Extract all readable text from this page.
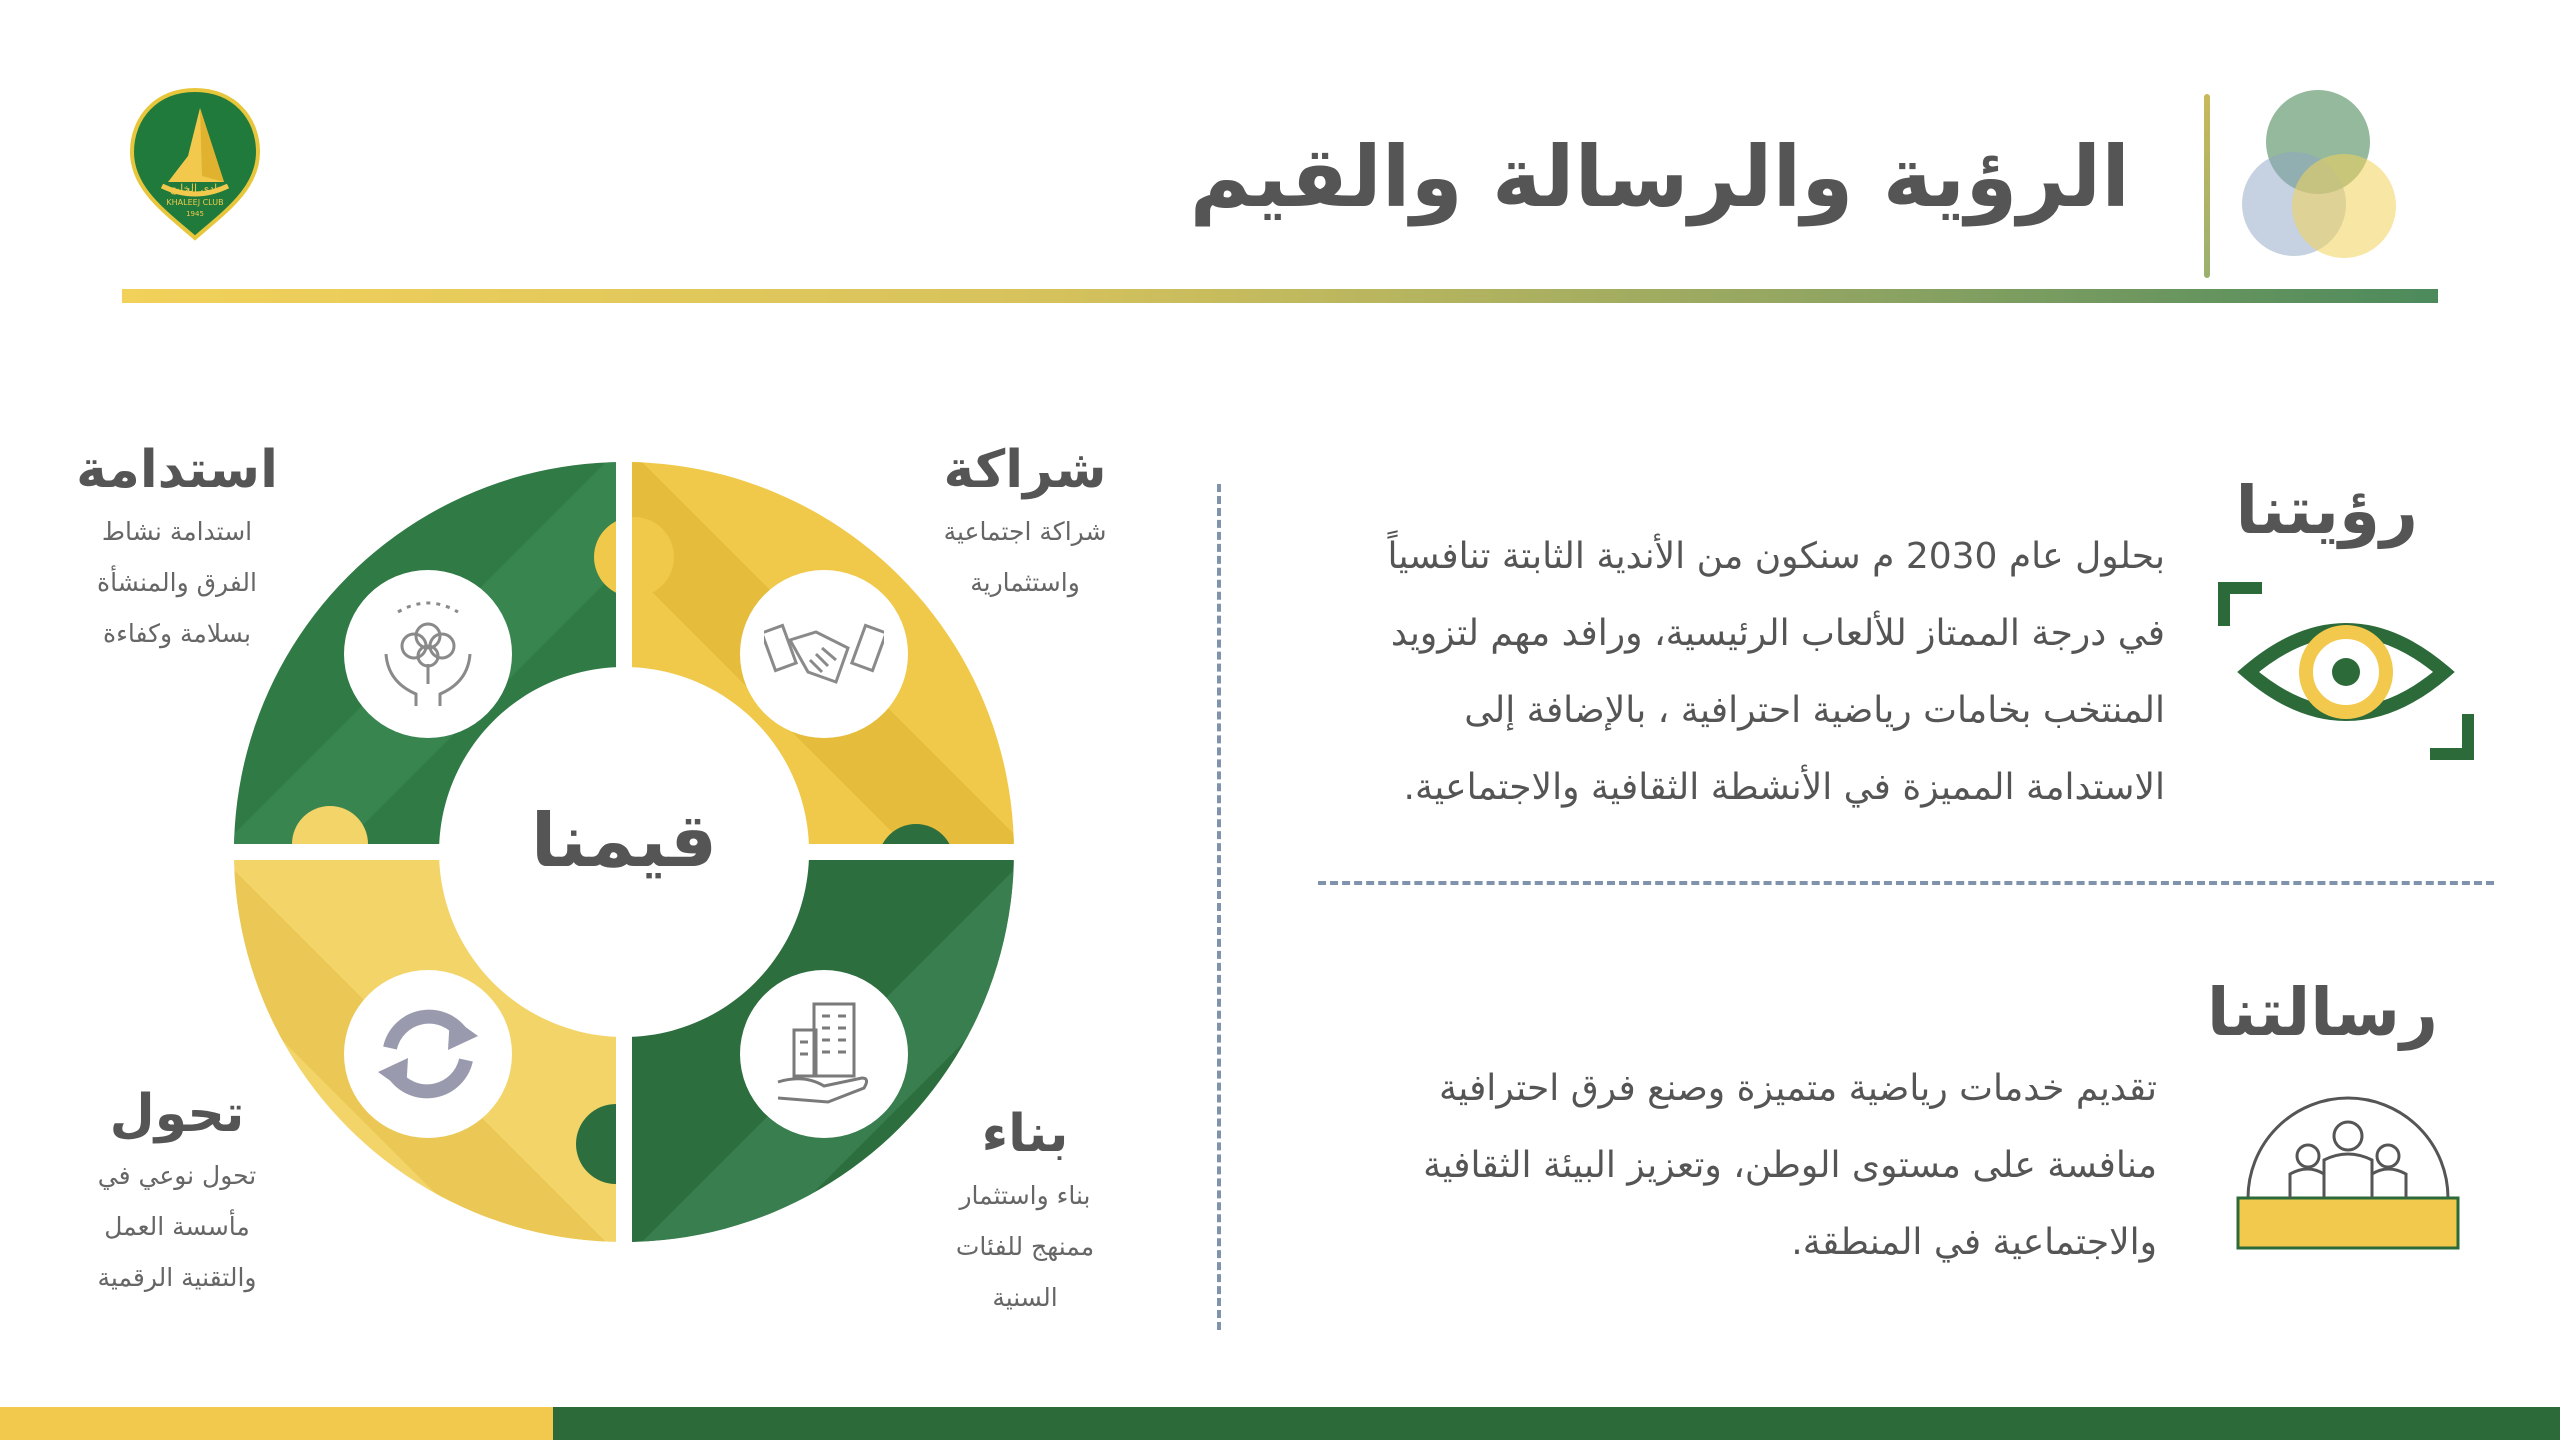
نادي الخليج
KHALEEJ CLUB
1945	الرؤية والرسالة والقيم
رؤيتنا
بحلول عام 2030 م سنكون من الأندية الثابتة تنافسياً
في درجة الممتاز للألعاب الرئيسية، ورافد مهم لتزويد
المنتخب بخامات رياضية احترافية ، بالإضافة إلى
الاستدامة المميزة في الأنشطة الثقافية والاجتماعية.
رسالتنا
تقديم خدمات رياضية متميزة وصنع فرق احترافية
منافسة على مستوى الوطن، وتعزيز البيئة الثقافية
والاجتماعية في المنطقة.
قيمنا
استدامة
استدامة نشاط
الفرق والمنشأة
بسلامة وكفاءة
شراكة
شراكة اجتماعية
واستثمارية
تحول
تحول نوعي في
مأسسة العمل
والتقنية الرقمية
بناء
بناء واستثمار
ممنهج للفئات
السنية
